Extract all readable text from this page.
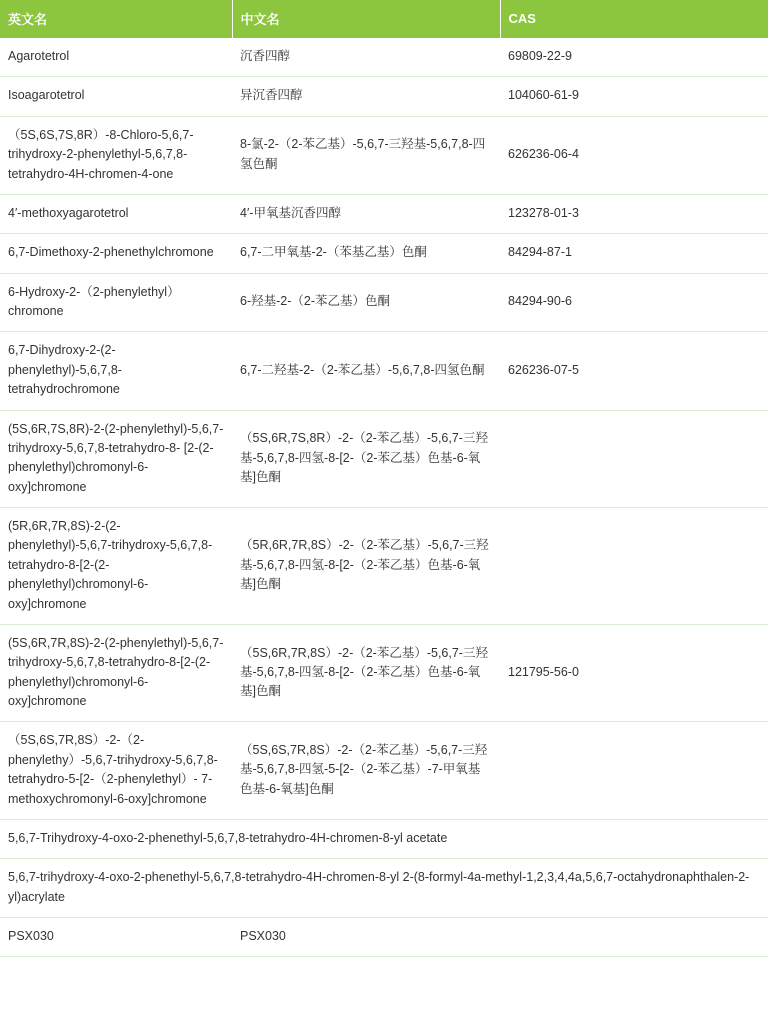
英文名	中文名	CAS
Agarotetrol	沉香四醇	69809-22-9
Isoagarotetrol	异沉香四醇	104060-61-9
（5S,6S,7S,8R）-8-Chloro-5,6,7-trihydroxy-2-phenylethyl-5,6,7,8-tetrahydro-4H-chromen-4-one	8-氯-2-（2-苯乙基）-5,6,7-三羟基-5,6,7,8-四氢色酮	626236-06-4
4′-methoxyagarotetrol	4′-甲氧基沉香四醇	123278-01-3
6,7-Dimethoxy-2-phenethylchromone	6,7-二甲氧基-2-（苯基乙基）色酮	84294-87-1
6-Hydroxy-2-（2-phenylethyl）chromone	6-羟基-2-（2-苯乙基）色酮	84294-90-6
6,7-Dihydroxy-2-(2-phenylethyl)-5,6,7,8-tetrahydrochromone	6,7-二羟基-2-（2-苯乙基）-5,6,7,8-四氢色酮	626236-07-5
(5S,6R,7S,8R)-2-(2-phenylethyl)-5,6,7-trihydroxy-5,6,7,8-tetrahydro-8- [2-(2-phenylethyl)chromonyl-6-oxy]chromone	（5S,6R,7S,8R）-2-（2-苯乙基）-5,6,7-三羟基-5,6,7,8-四氢-8-[2-（2-苯乙基）色基-6-氧基]色酮	
(5R,6R,7R,8S)-2-(2-phenylethyl)-5,6,7-trihydroxy-5,6,7,8-tetrahydro-8-[2-(2- phenylethyl)chromonyl-6-oxy]chromone	（5R,6R,7R,8S）-2-（2-苯乙基）-5,6,7-三羟基-5,6,7,8-四氢-8-[2-（2-苯乙基）色基-6-氧基]色酮	
(5S,6R,7R,8S)-2-(2-phenylethyl)-5,6,7-trihydroxy-5,6,7,8-tetrahydro-8-[2-(2-phenylethyl)chromonyl-6-oxy]chromone	（5S,6R,7R,8S）-2-（2-苯乙基）-5,6,7-三羟基-5,6,7,8-四氢-8-[2-（2-苯乙基）色基-6-氧基]色酮	121795-56-0
（5S,6S,7R,8S）-2-（2-phenylethy）-5,6,7-trihydroxy-5,6,7,8-tetrahydro-5-[2-（2-phenylethyl）- 7-methoxychromonyl-6-oxy]chromone	（5S,6S,7R,8S）-2-（2-苯乙基）-5,6,7-三羟基-5,6,7,8-四氢-5-[2-（2-苯乙基）-7-甲氧基色基-6-氧基]色酮	
5,6,7-Trihydroxy-4-oxo-2-phenethyl-5,6,7,8-tetrahydro-4H-chromen-8-yl acetate		
5,6,7-trihydroxy-4-oxo-2-phenethyl-5,6,7,8-tetrahydro-4H-chromen-8-yl 2-(8-formyl-4a-methyl-1,2,3,4,4a,5,6,7-octahydronaphthalen-2-yl)acrylate		
PSX030	PSX030	
